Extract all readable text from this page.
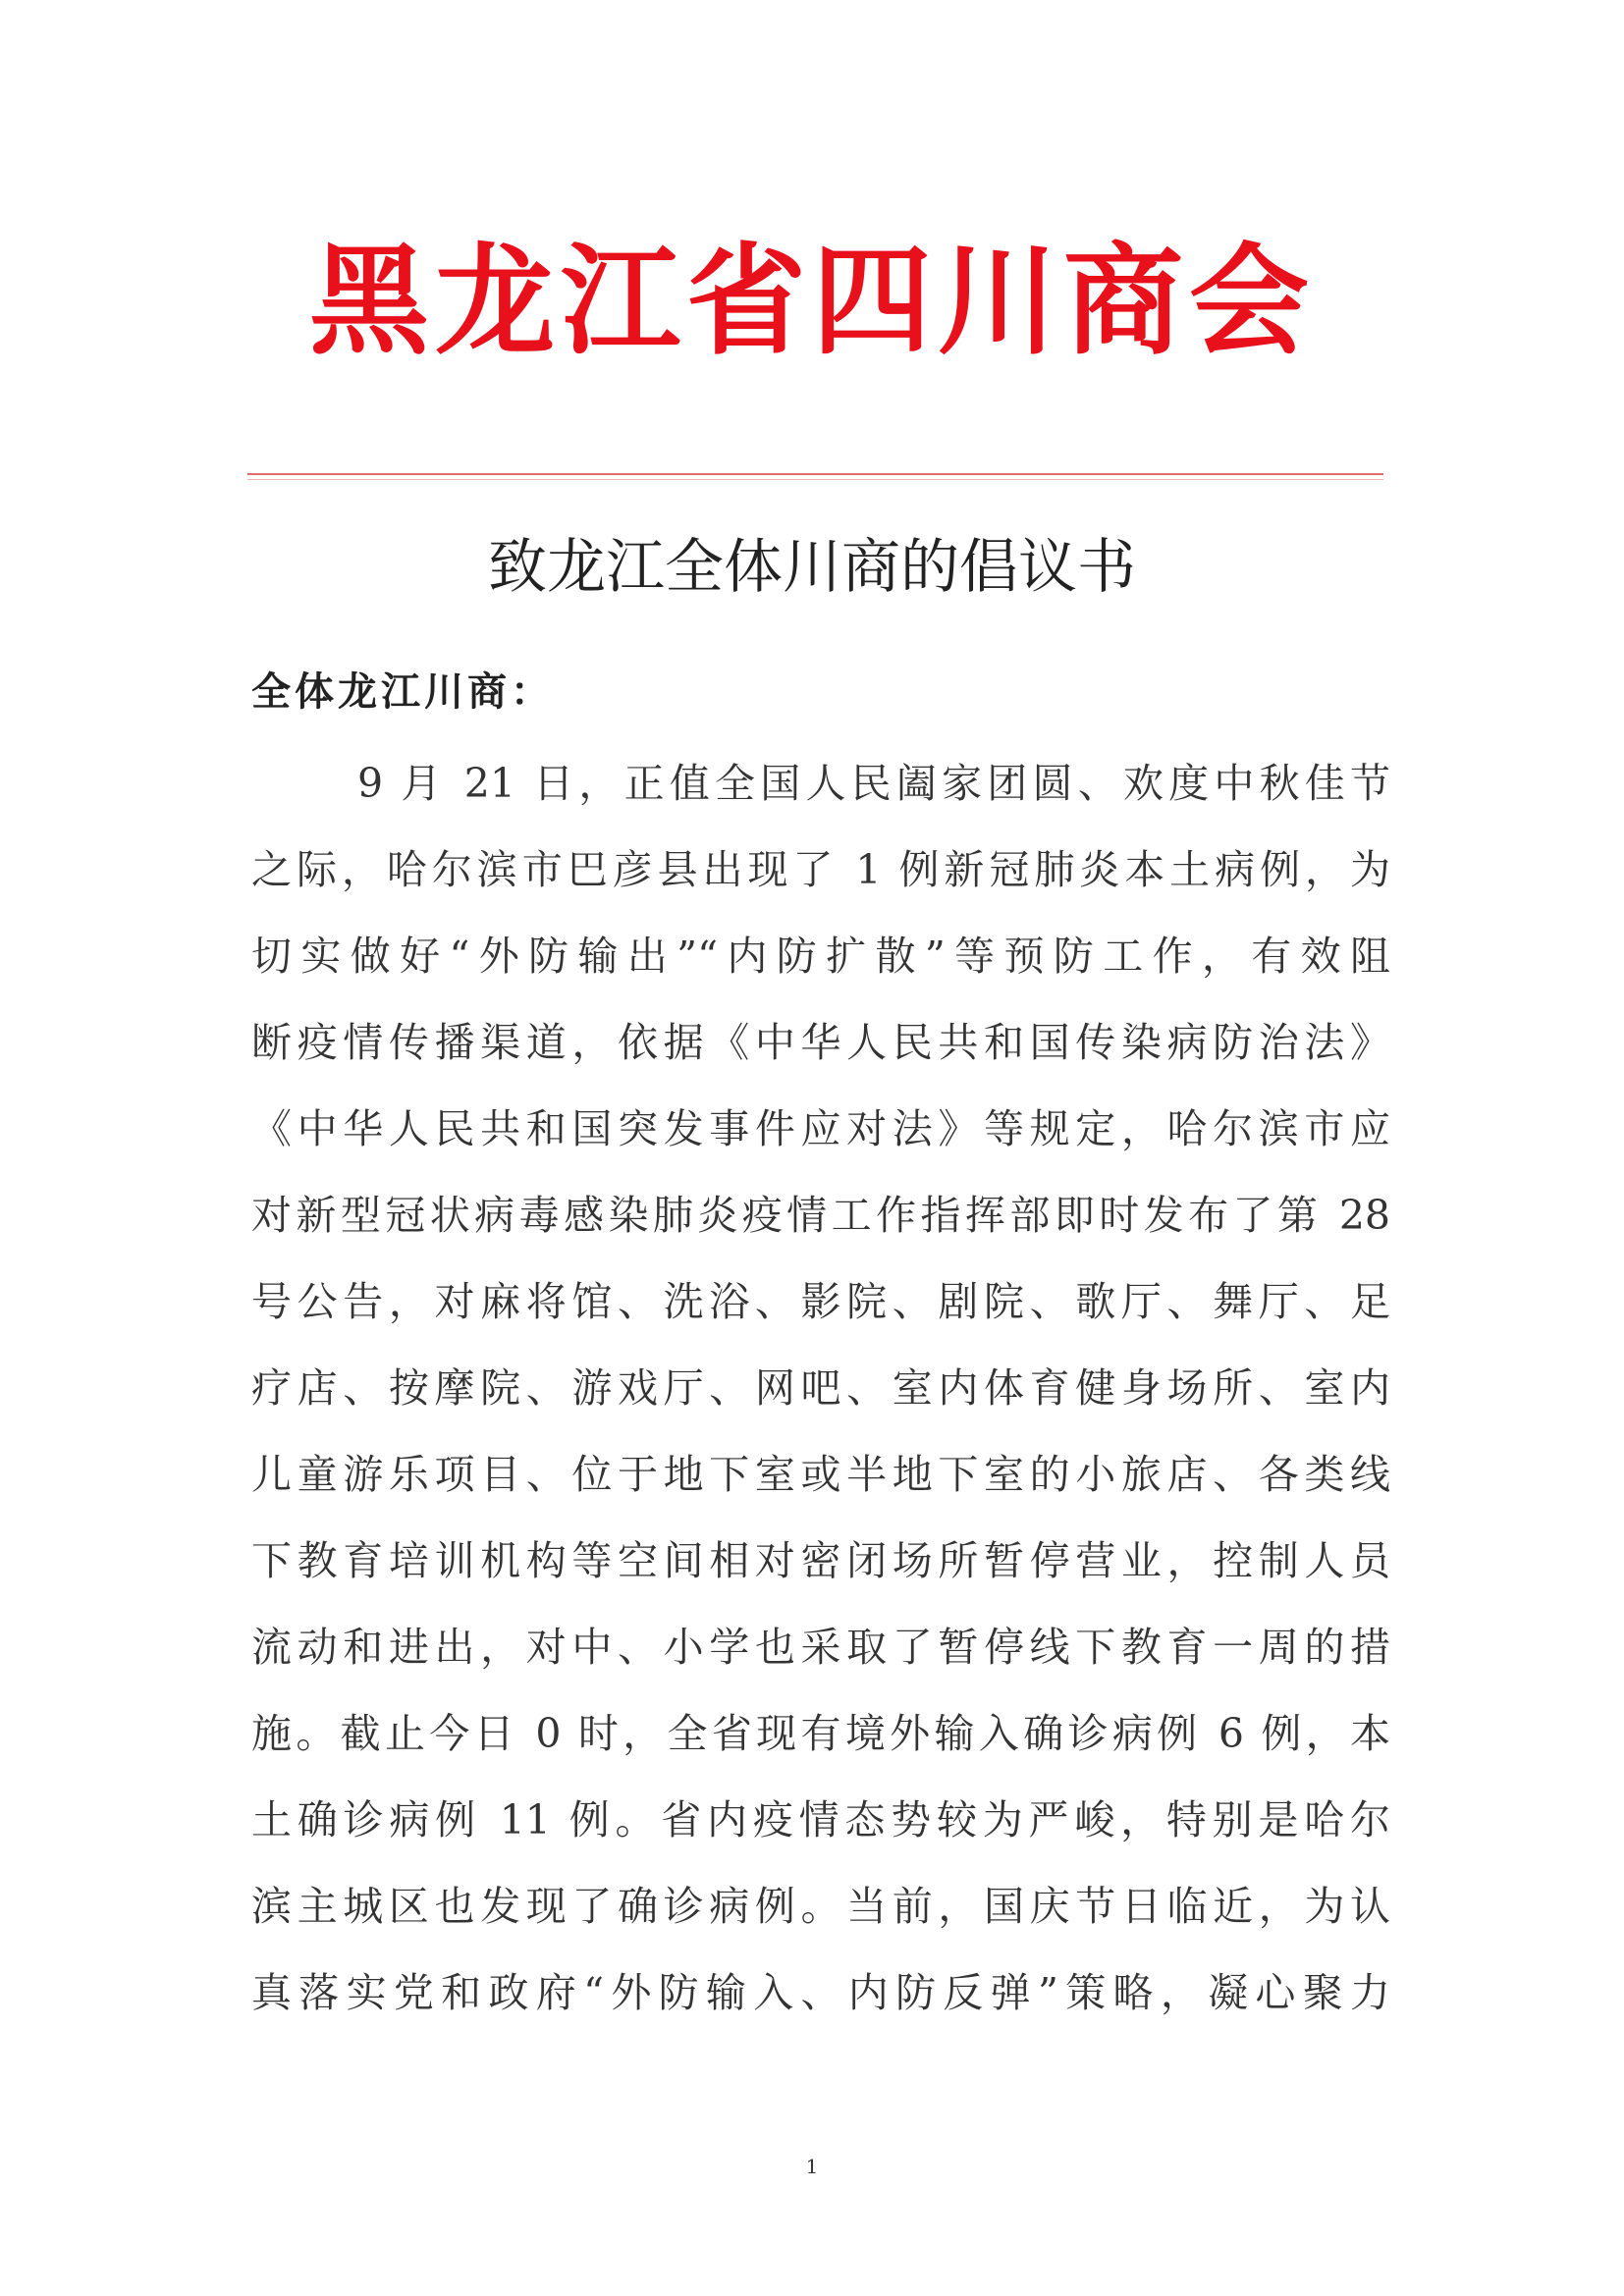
黑龙江省四川商会
致龙江全体川商的倡议书
全体龙江川商：
9 月 21 日，正值全国人民阖家团圆、欢度中秋佳节
之际，哈尔滨市巴彦县出现了 1 例新冠肺炎本土病例，为
切实做好“外防输出”“内防扩散”等预防工作，有效阻
断疫情传播渠道，依据《中华人民共和国传染病防治法》
《中华人民共和国突发事件应对法》等规定，哈尔滨市应
对新型冠状病毒感染肺炎疫情工作指挥部即时发布了第 28
号公告，对麻将馆、洗浴、影院、剧院、歌厅、舞厅、足
疗店、按摩院、游戏厅、网吧、室内体育健身场所、室内
儿童游乐项目、位于地下室或半地下室的小旅店、各类线
下教育培训机构等空间相对密闭场所暂停营业，控制人员
流动和进出，对中、小学也采取了暂停线下教育一周的措
施。截止今日 0 时，全省现有境外输入确诊病例 6 例，本
土确诊病例 11 例。省内疫情态势较为严峻，特别是哈尔
滨主城区也发现了确诊病例。当前，国庆节日临近，为认
真落实党和政府“外防输入、内防反弹”策略，凝心聚力
1
